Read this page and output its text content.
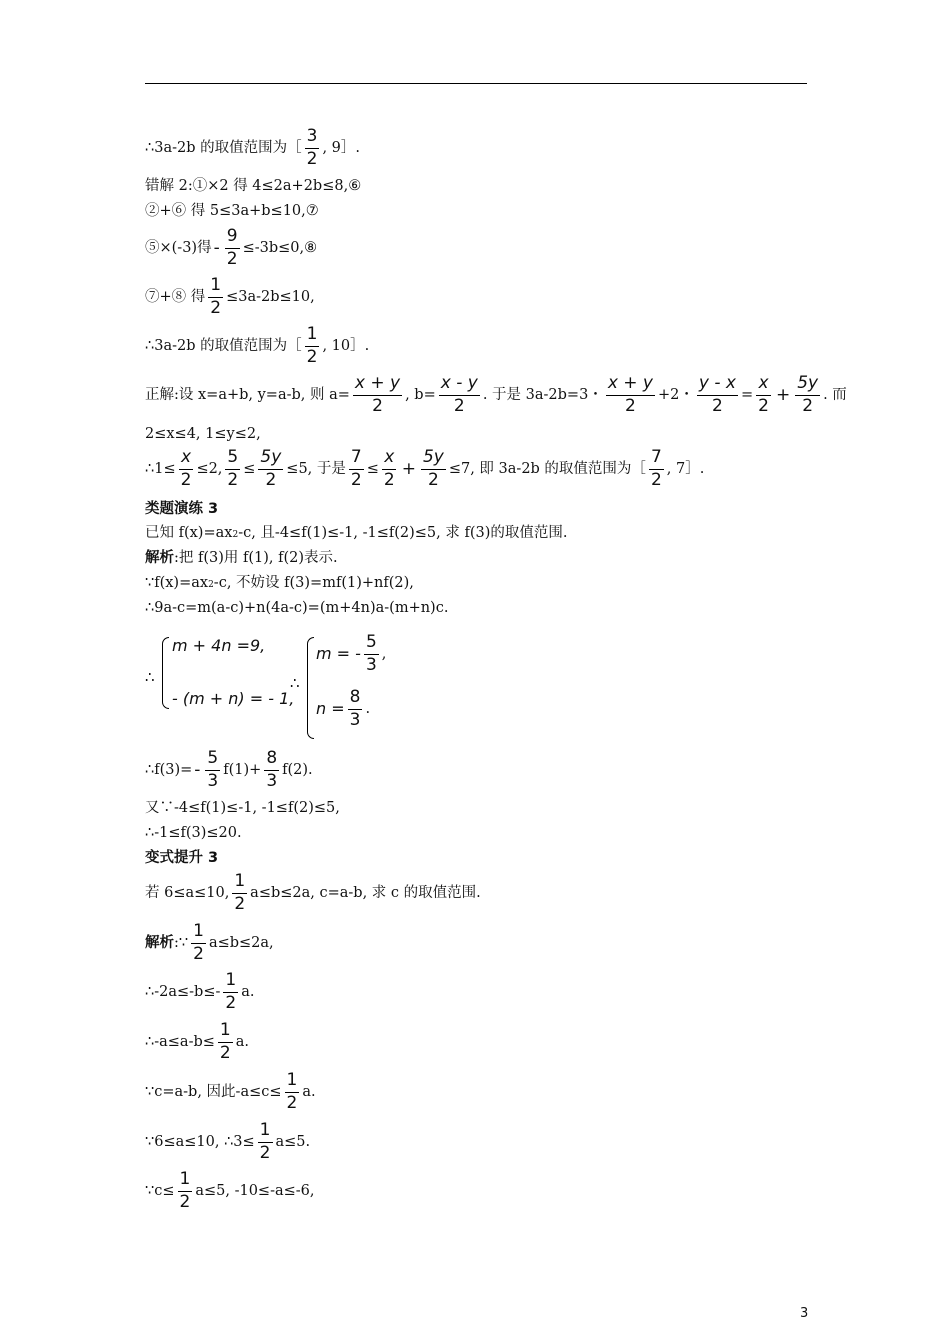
∴3a-2b 的取值范围为［ $\frac{3}{2}$ , 9］.
错解 2:①×2 得 4≤2a+2b≤8,⑥
②+⑥ 得 5≤3a+b≤10,⑦
⑤×(-3)得 - $\frac{9}{2}$ ≤-3b≤0,⑧
⑦+⑧ 得 $\frac{1}{2} \le 3a-2b\le 10$,
∴3a-2b 的取值范围为［ $\frac{1}{2}$ , 10］.
正解:设 x=a+b, y=a-b, 则 $a= \frac{x + y}{2}$ , $b= \frac{x - y}{2}$ . 于是 3a-2b=3・ $\frac{x + y}{2} +2$・ $\frac{y - x}{2} = \frac{x}{2} + \frac{5y}{2}$ . 而
2≤x≤4, 1≤y≤2,
∴1≤ $\frac{x}{2} \le 2$, $\frac{5}{2} \le \frac{5y}{2} \le 5$, 于是 $\frac{7}{2} \le \frac{x}{2} + \frac{5y}{2} \le 7$, 即 3a-2b 的取值范围为［ $\frac{7}{2}$ , 7］.
类题演练 3
已知 f(x)=ax 2 -c, 且-4≤f(1)≤-1, -1≤f(2)≤5, 求 f(3)的取值范围.
解析 :把 f(3)用 f(1), f(2)表示.
∵f(x)=ax 2 -c, 不妨设 f(3)=mf(1)+nf(2),
∴9a-c=m(a-c)+n(4a-c)=(m+4n)a-(m+n)c.
∴
m + 4n =9,
- (m + n) = - 1,
∴
m = - $\frac{5}{3}$ ,
$n = \frac{8}{3}$ .
∴f(3)= - $\frac{5}{3} f(1)+ \frac{8}{3} f(2)$.
又∵-4≤f(1)≤-1, -1≤f(2)≤5,
∴-1≤f(3)≤20.
变式提升 3
若 6≤a≤10, $\frac{1}{2} a\le b\le 2a$, c=a-b, 求 c 的取值范围.
解析 :∵ $\frac{1}{2} a\le b\le 2a$,
∴-2a≤-b≤- $\frac{1}{2} a$.
∴-a≤a-b≤ $\frac{1}{2} a$.
∵c=a-b, 因此$-a\le c\le \frac{1}{2} a$.
∵6≤a≤10, ∴3≤ $\frac{1}{2} a\le 5$.
∵c≤ $\frac{1}{2} a\le 5$, -10≤-a≤-6,
3
